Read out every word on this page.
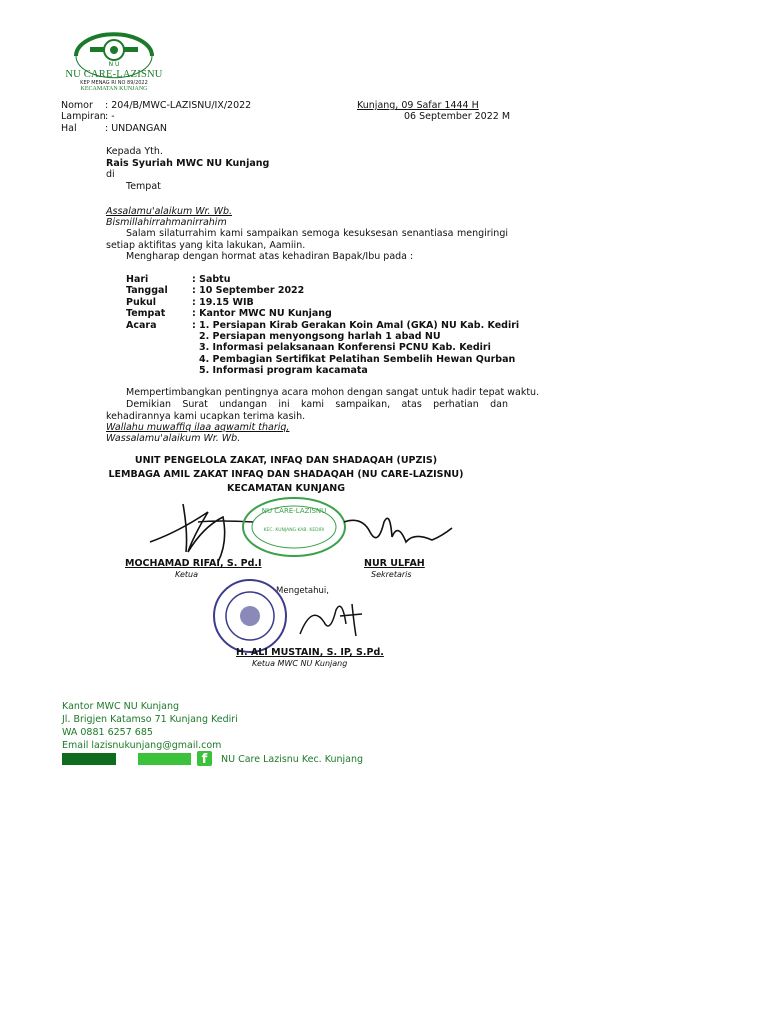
N U
NU CARE-LAZISNU
KEP MENAG RI NO 89/2022
KECAMATAN KUNJANG
Nomor : 204/B/MWC-LAZISNU/IX/2022
Lampiran : -
Hal	: UNDANGAN
Kunjang, 09 Safar 1444 H
06 September 2022 M
Kepada Yth.
Rais Syuriah MWC NU Kunjang
di
Tempat
Assalamu'alaikum Wr. Wb.
Bismillahirrahmanirrahim
Salam silaturrahim kami sampaikan semoga kesuksesan senantiasa mengiringi setiap aktifitas yang kita lakukan, Aamiin.
Mengharap dengan hormat atas kehadiran Bapak/Ibu pada :
Hari	: Sabtu
Tanggal	: 10 September 2022
Pukul	: 19.15 WIB
Tempat	: Kantor MWC NU Kunjang
Acara	: 1. Persiapan Kirab Gerakan Koin Amal (GKA) NU Kab. Kediri
2. Persiapan menyongsong harlah 1 abad NU
3. Informasi pelaksanaan Konferensi PCNU Kab. Kediri
4. Pembagian Sertifikat Pelatihan Sembelih Hewan Qurban
5. Informasi program kacamata
Mempertimbangkan pentingnya acara mohon dengan sangat untuk hadir tepat waktu.
Demikian Surat undangan ini kami sampaikan, atas perhatian dan kehadirannya kami ucapkan terima kasih.
Wallahu muwaffiq ilaa aqwamit thariq,
Wassalamu'alaikum Wr. Wb.
UNIT PENGELOLA ZAKAT, INFAQ DAN SHADAQAH (UPZIS)
LEMBAGA AMIL ZAKAT INFAQ DAN SHADAQAH (NU CARE-LAZISNU)
KECAMATAN KUNJANG
NU CARE-LAZISNU
KEC. KUNJANG KAB. KEDIRI
MOCHAMAD RIFAI, S. Pd.I
Ketua
NUR ULFAH
Sekretaris
Mengetahui,
H. ALI MUSTAIN, S. IP, S.Pd.
Ketua MWC NU Kunjang
Kantor MWC NU Kunjang
Jl. Brigjen Katamso 71 Kunjang Kediri
WA 0881 6257 685
Email lazisnukunjang@gmail.com
f	NU Care Lazisnu Kec. Kunjang
